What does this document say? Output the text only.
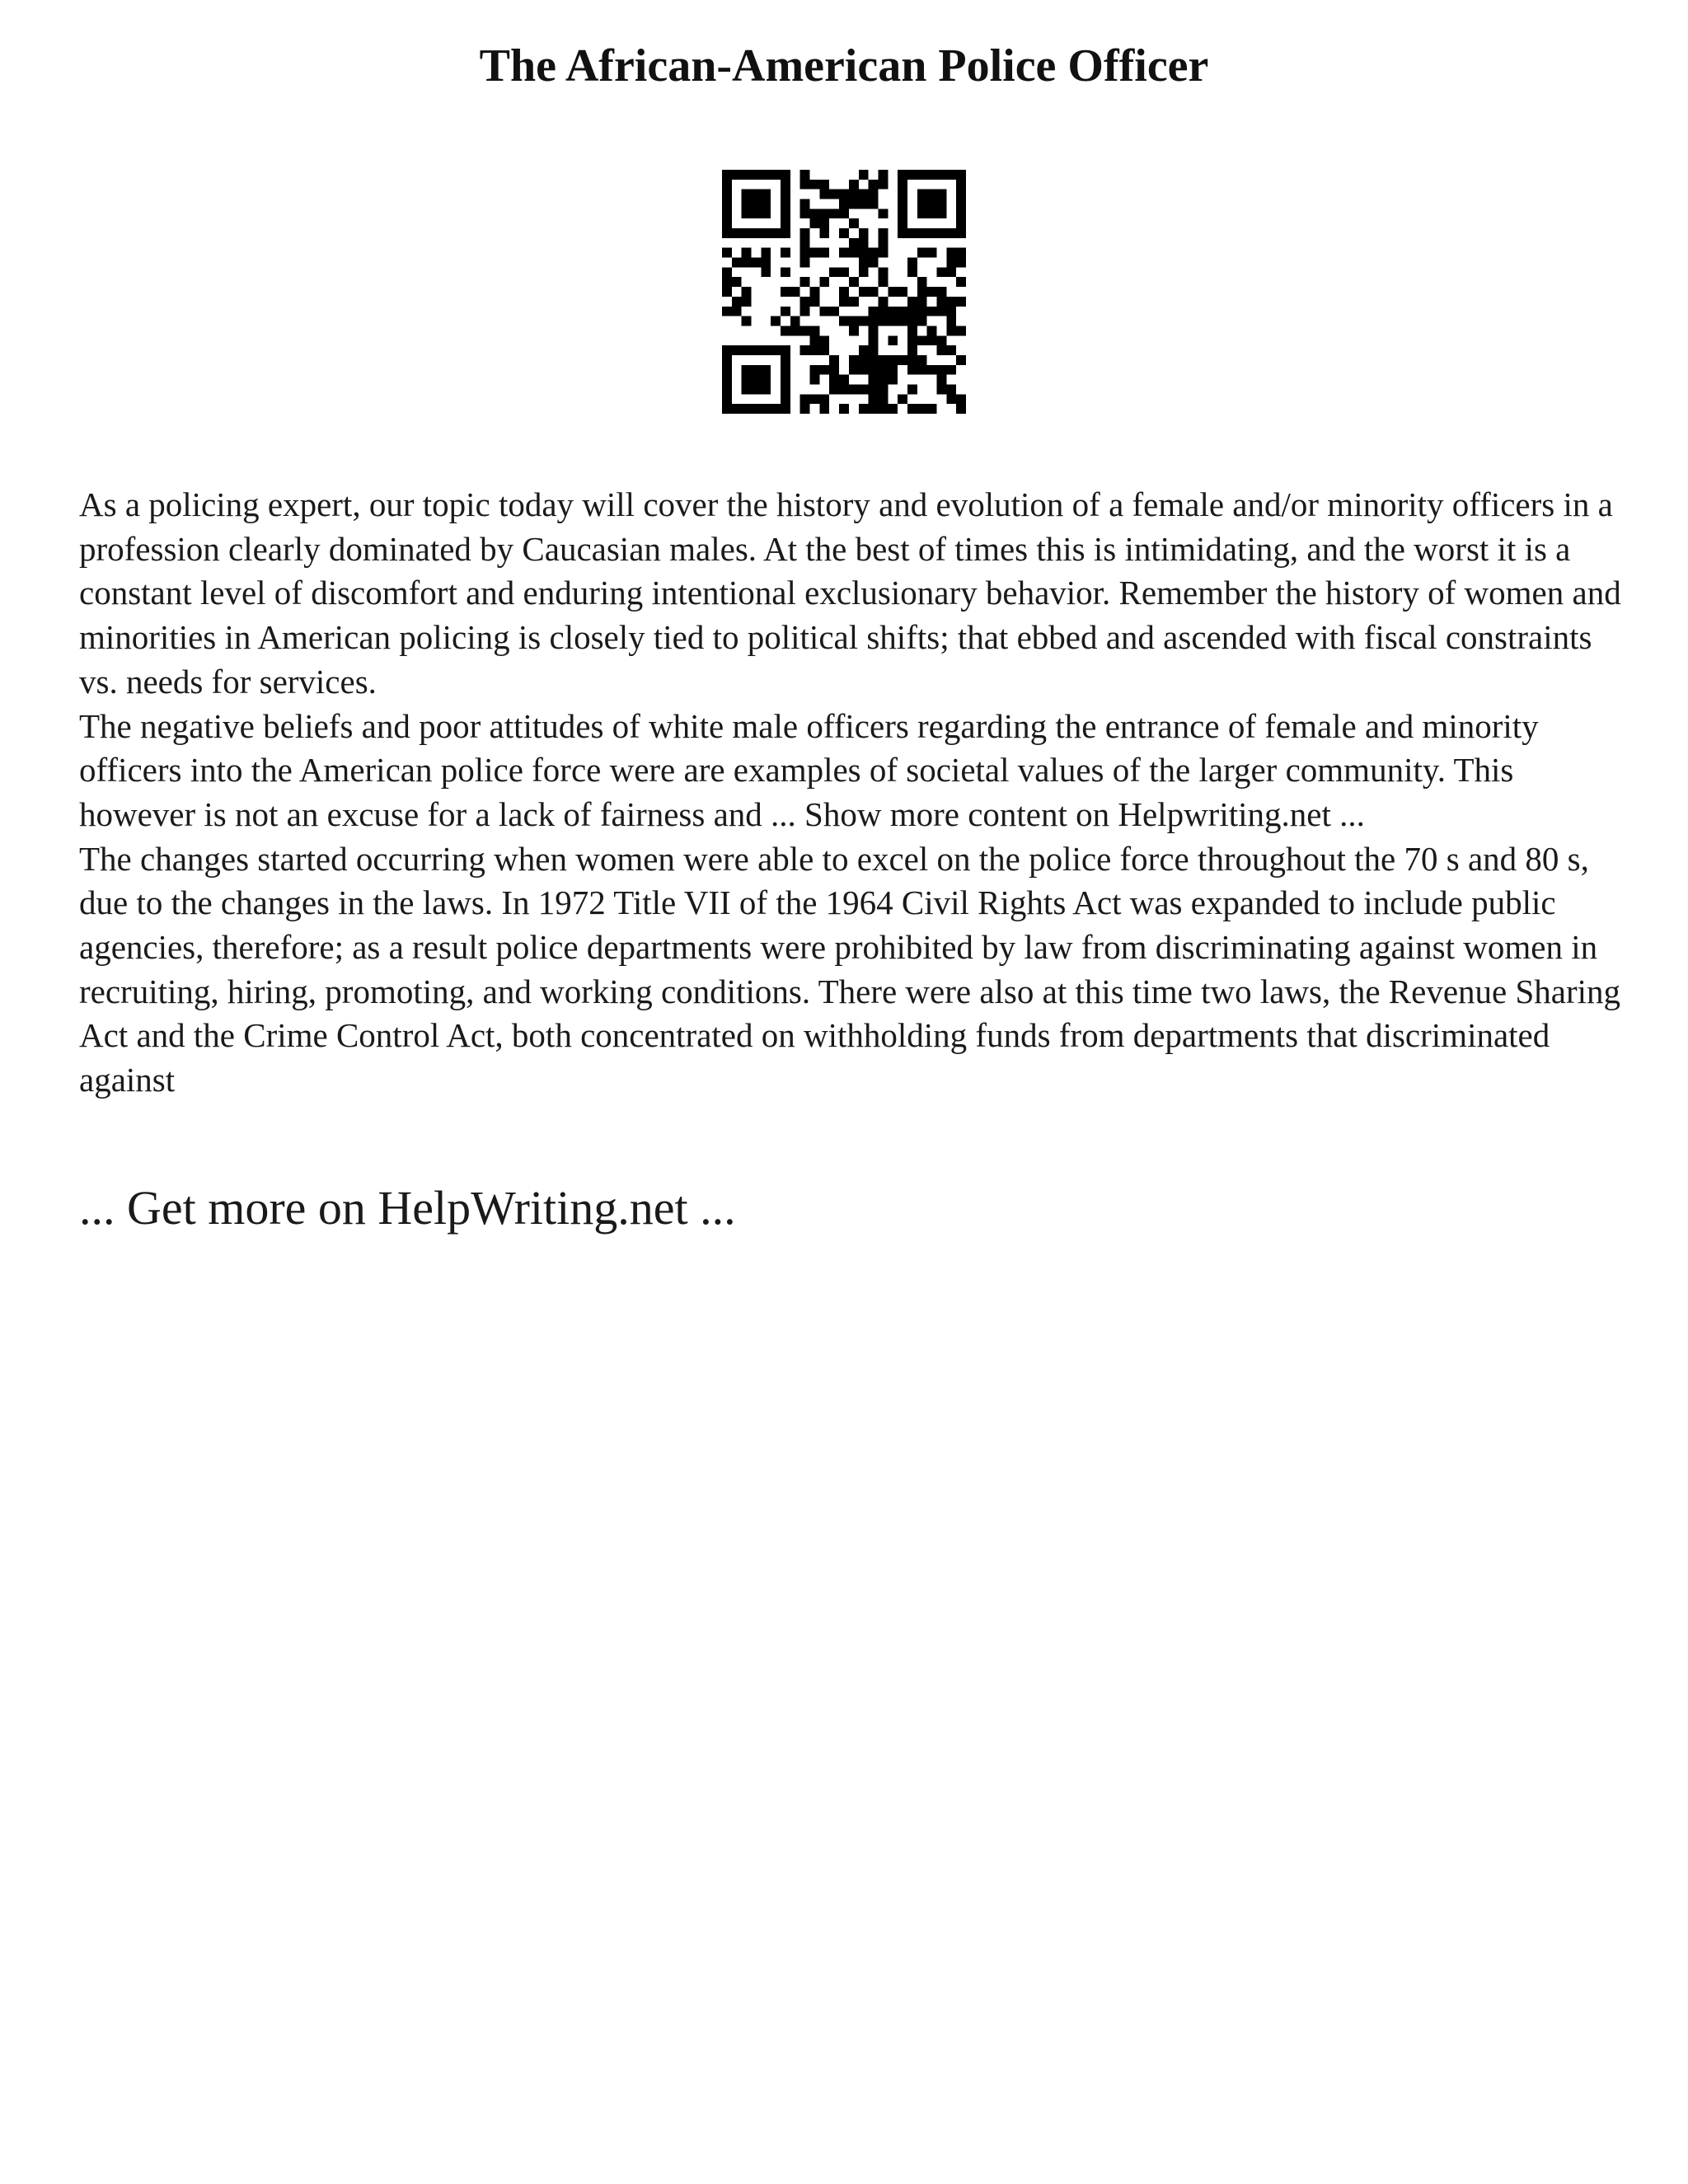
The African-American Police Officer

As a policing expert, our topic today will cover the history and evolution of a female and/or minority officers in a profession clearly dominated by Caucasian males. At the best of times this is intimidating, and the worst it is a constant level of discomfort and enduring intentional exclusionary behavior. Remember the history of women and minorities in American policing is closely tied to political shifts; that ebbed and ascended with fiscal constraints vs. needs for services.

The negative beliefs and poor attitudes of white male officers regarding the entrance of female and minority officers into the American police force were are examples of societal values of the larger community. This however is not an excuse for a lack of fairness and ... Show more content on Helpwriting.net ...

The changes started occurring when women were able to excel on the police force throughout the 70 s and 80 s, due to the changes in the laws. In 1972 Title VII of the 1964 Civil Rights Act was expanded to include public agencies, therefore; as a result police departments were prohibited by law from discriminating against women in recruiting, hiring, promoting, and working conditions. There were also at this time two laws, the Revenue Sharing Act and the Crime Control Act, both concentrated on withholding funds from departments that discriminated against

... Get more on HelpWriting.net ...
